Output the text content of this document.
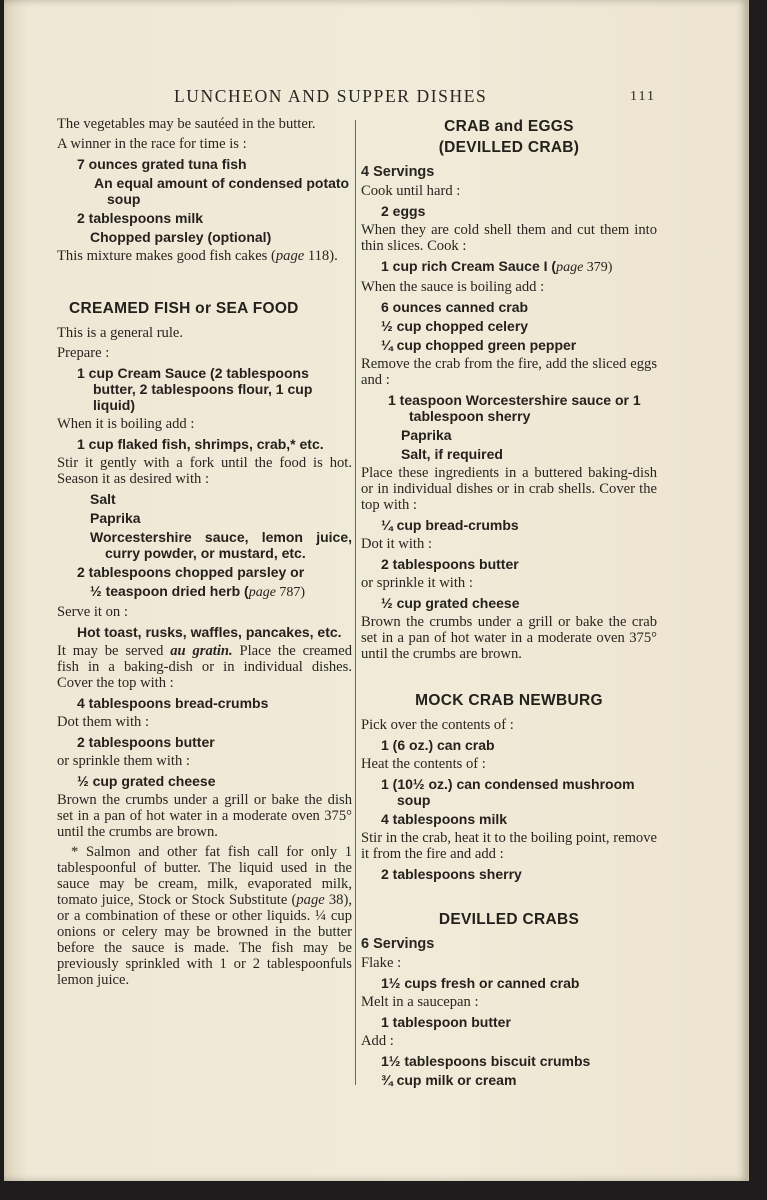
LUNCHEON AND SUPPER DISHES	111

The vegetables may be sautéed in the butter.

A winner in the race for time is :

7 ounces grated tuna fish
An equal amount of condensed potato soup
2 tablespoons milk
Chopped parsley (optional)

This mixture makes good fish cakes (page 118).

CREAMED FISH or SEA FOOD

This is a general rule.

Prepare :

1 cup Cream Sauce (2 tablespoons butter, 2 tablespoons flour, 1 cup liquid)

When it is boiling add :

1 cup flaked fish, shrimps, crab,* etc.

Stir it gently with a fork until the food is hot. Season it as desired with :

Salt
Paprika
Worcestershire sauce, lemon juice, curry powder, or mustard, etc.
2 tablespoons chopped parsley or
½ teaspoon dried herb (page 787)

Serve it on :

Hot toast, rusks, waffles, pancakes, etc.

It may be served au gratin. Place the creamed fish in a baking-dish or in individual dishes. Cover the top with :

4 tablespoons bread-crumbs

Dot them with :

2 tablespoons butter

or sprinkle them with :

½ cup grated cheese

Brown the crumbs under a grill or bake the dish set in a pan of hot water in a moderate oven 375° until the crumbs are brown.

* Salmon and other fat fish call for only 1 tablespoonful of butter. The liquid used in the sauce may be cream, milk, evaporated milk, tomato juice, Stock or Stock Substitute (page 38), or a combination of these or other liquids. ¼ cup onions or celery may be browned in the butter before the sauce is made. The fish may be previously sprinkled with 1 or 2 tablespoonfuls lemon juice.

CRAB and EGGS
(DEVILLED CRAB)
4 Servings

Cook until hard :

2 eggs

When they are cold shell them and cut them into thin slices. Cook :

1 cup rich Cream Sauce I (page 379)

When the sauce is boiling add :

6 ounces canned crab
½ cup chopped celery
¼ cup chopped green pepper

Remove the crab from the fire, add the sliced eggs and :

1 teaspoon Worcestershire sauce or 1 tablespoon sherry
Paprika
Salt, if required

Place these ingredients in a buttered baking-dish or in individual dishes or in crab shells. Cover the top with :

¼ cup bread-crumbs

Dot it with :

2 tablespoons butter

or sprinkle it with :

½ cup grated cheese

Brown the crumbs under a grill or bake the crab set in a pan of hot water in a moderate oven 375° until the crumbs are brown.

MOCK CRAB NEWBURG

Pick over the contents of :

1 (6 oz.) can crab

Heat the contents of :

1 (10½ oz.) can condensed mushroom soup
4 tablespoons milk

Stir in the crab, heat it to the boiling point, remove it from the fire and add :

2 tablespoons sherry
DEVILLED CRABS
6 Servings

Flake :

1½ cups fresh or canned crab

Melt in a saucepan :

1 tablespoon butter

Add :

1½ tablespoons biscuit crumbs
¾ cup milk or cream
